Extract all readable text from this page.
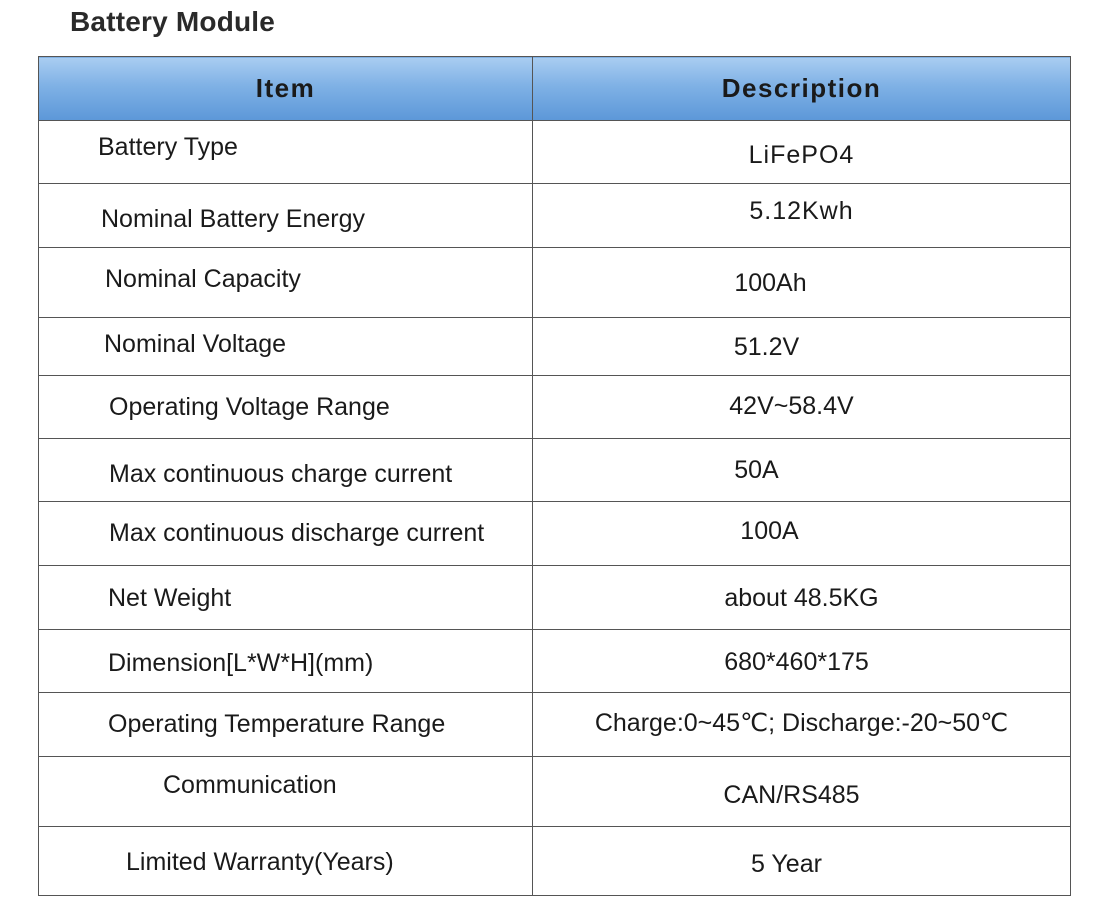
Battery Module
Item	Description

Battery Type	LiFePO4

Nominal Battery Energy	5.12Kwh

Nominal Capacity	100Ah

Nominal Voltage	51.2V

Operating Voltage Range	42V~58.4V

Max continuous charge current	50A

Max continuous discharge current	100A

Net Weight	about 48.5KG

Dimension[L*W*H](mm)	680*460*175

Operating Temperature Range	Charge:0~45℃; Discharge:-20~50℃

Communication	CAN/RS485

Limited Warranty(Years)	5 Year
